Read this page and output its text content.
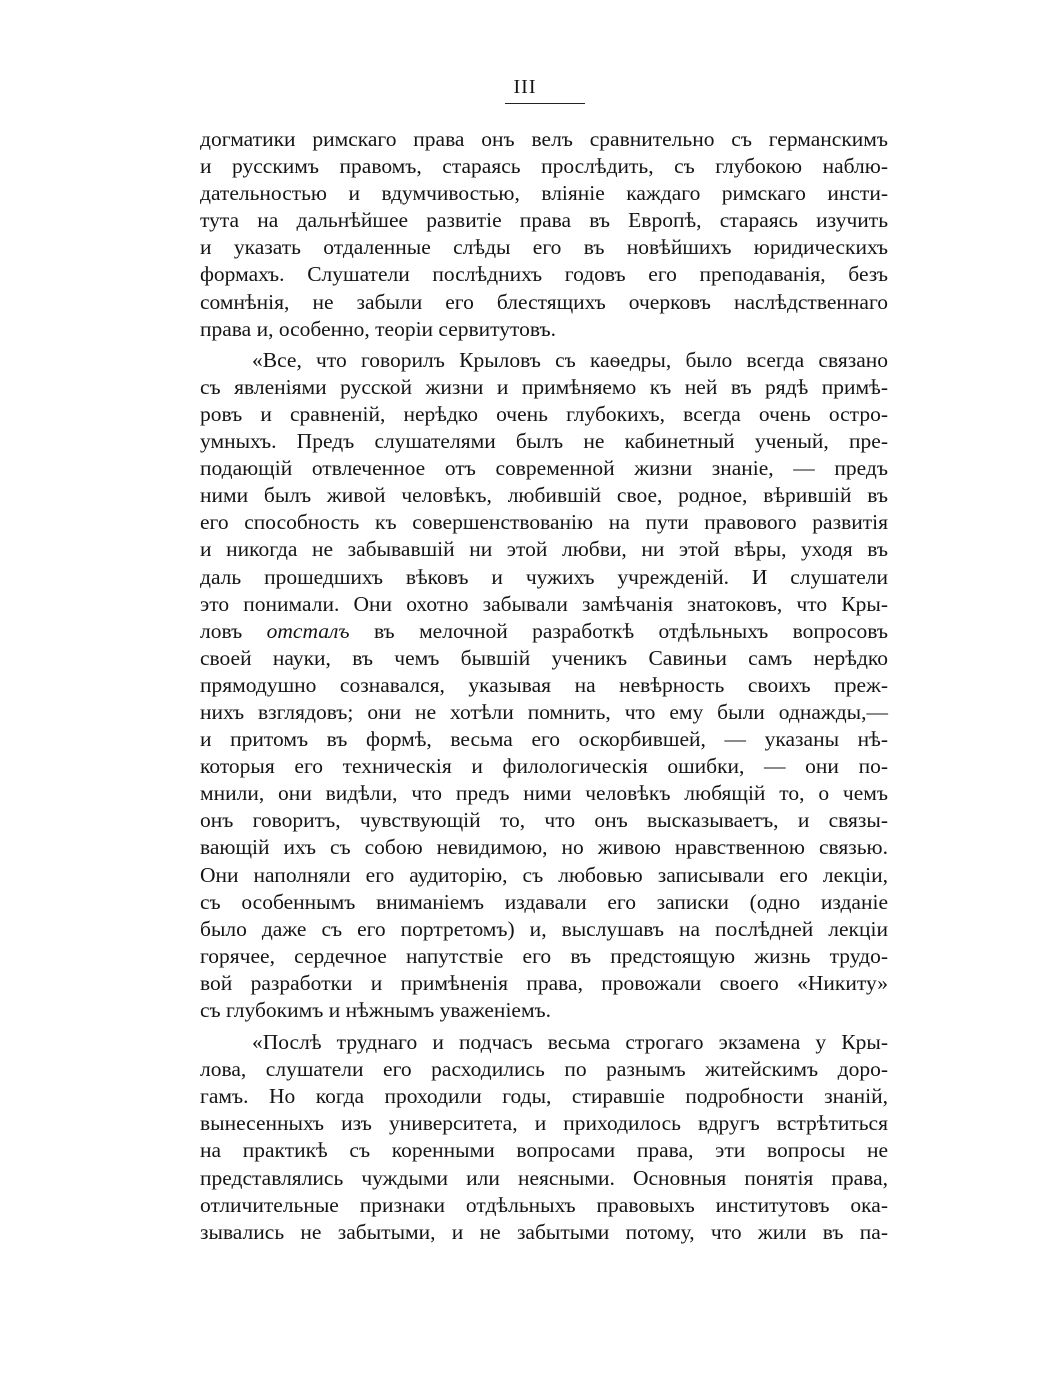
III
догматики римскаго права онъ велъ сравнительно съ германскимъ
и русскимъ правомъ, стараясь прослѣдить, съ глубокою наблю-
дательностью и вдумчивостью, вліяніе каждаго римскаго инсти-
тута на дальнѣйшее развитіе права въ Европѣ, стараясь изучить
и указать отдаленные слѣды его въ новѣйшихъ юридическихъ
формахъ. Слушатели послѣднихъ годовъ его преподаванія, безъ
сомнѣнія, не забыли его блестящихъ очерковъ наслѣдственнаго
права и, особенно, теоріи сервитутовъ.
«Все, что говорилъ Крыловъ съ каѳедры, было всегда связано
съ явленіями русской жизни и примѣняемо къ ней въ рядѣ примѣ-
ровъ и сравненій, нерѣдко очень глубокихъ, всегда очень остро-
умныхъ. Предъ слушателями былъ не кабинетный ученый, пре-
подающій отвлеченное отъ современной жизни знаніе, — предъ
ними былъ живой человѣкъ, любившій свое, родное, вѣрившій въ
его способность къ совершенствованію на пути правового развитія
и никогда не забывавшій ни этой любви, ни этой вѣры, уходя въ
даль прошедшихъ вѣковъ и чужихъ учрежденій. И слушатели
это понимали. Они охотно забывали замѣчанія знатоковъ, что Кры-
ловъ отсталъ въ мелочной разработкѣ отдѣльныхъ вопросовъ
своей науки, въ чемъ бывшій ученикъ Савиньи самъ нерѣдко
прямодушно сознавался, указывая на невѣрность своихъ преж-
нихъ взглядовъ; они не хотѣли помнить, что ему были однажды,—
и притомъ въ формѣ, весьма его оскорбившей, — указаны нѣ-
которыя его техническія и филологическія ошибки, — они по-
мнили, они видѣли, что предъ ними человѣкъ любящій то, о чемъ
онъ говоритъ, чувствующій то, что онъ высказываетъ, и связы-
вающій ихъ съ собою невидимою, но живою нравственною связью.
Они наполняли его аудиторію, съ любовью записывали его лекціи,
съ особеннымъ вниманіемъ издавали его записки (одно изданіе
было даже съ его портретомъ) и, выслушавъ на послѣдней лекціи
горячее, сердечное напутствіе его въ предстоящую жизнь трудо-
вой разработки и примѣненія права, провожали своего «Никиту»
съ глубокимъ и нѣжнымъ уваженіемъ.
«Послѣ труднаго и подчасъ весьма строгаго экзамена у Кры-
лова, слушатели его расходились по разнымъ житейскимъ доро-
гамъ. Но когда проходили годы, стиравшіе подробности знаній,
вынесенныхъ изъ университета, и приходилось вдругъ встрѣтиться
на практикѣ съ коренными вопросами права, эти вопросы не
представлялись чуждыми или неясными. Основныя понятія права,
отличительные признаки отдѣльныхъ правовыхъ институтовъ ока-
зывались не забытыми, и не забытыми потому, что жили въ па-
